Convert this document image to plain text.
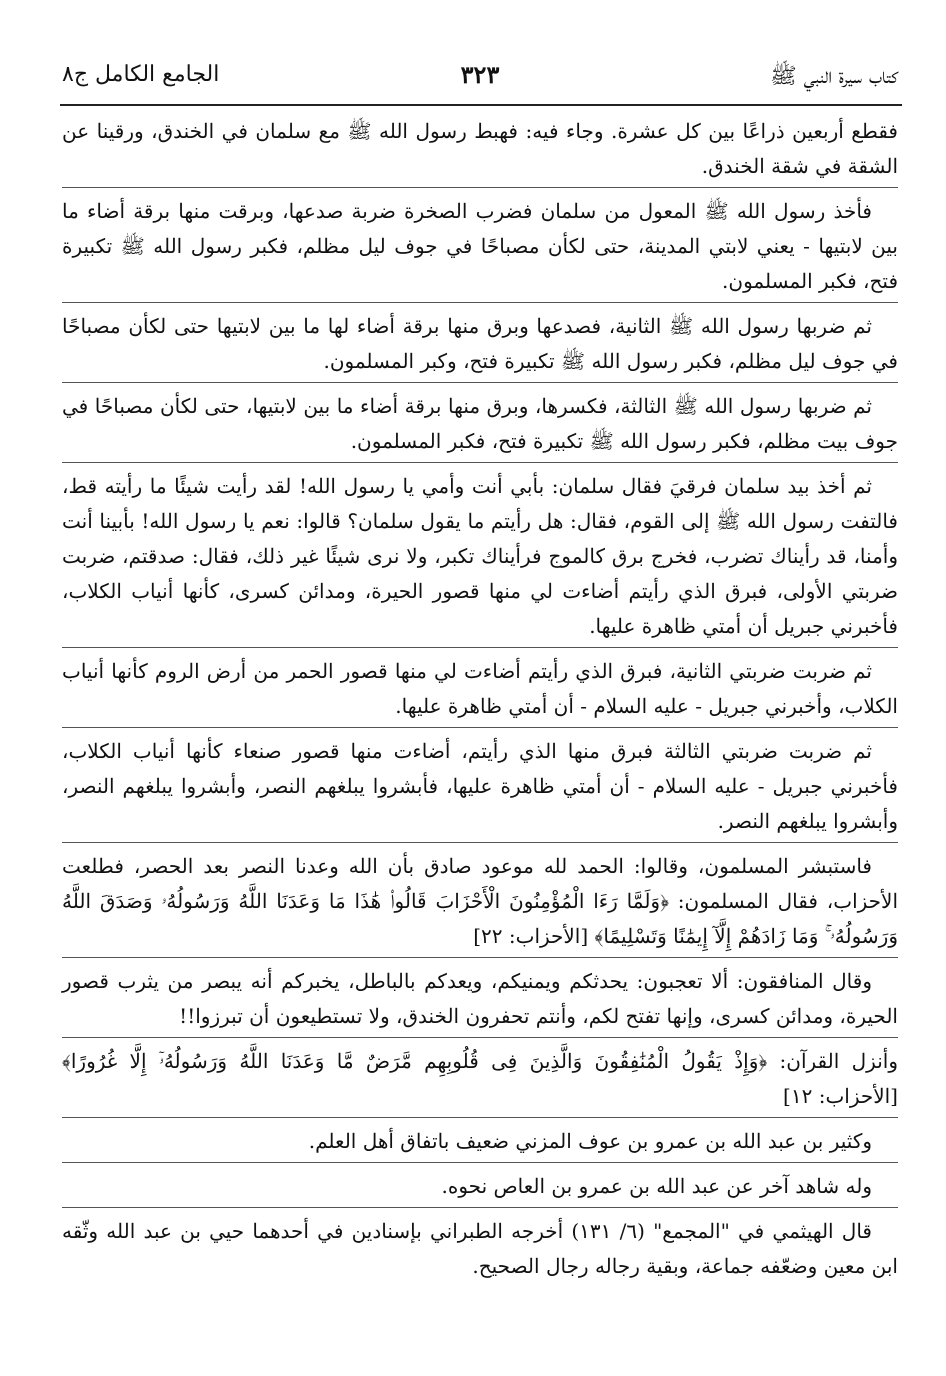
كتاب سيرة النبي ﷺ
٣٢٣
الجامع الكامل ج٨

فقطع أربعين ذراعًا بين كل عشرة. وجاء فيه: فهبط رسول الله ﷺ مع سلمان في الخندق، ورقينا عن الشقة في شقة الخندق.

فأخذ رسول الله ﷺ المعول من سلمان فضرب الصخرة ضربة صدعها، وبرقت منها برقة أضاء ما بين لابتيها - يعني لابتي المدينة، حتى لكأن مصباحًا في جوف ليل مظلم، فكبر رسول الله ﷺ تكبيرة فتح، فكبر المسلمون.

ثم ضربها رسول الله ﷺ الثانية، فصدعها وبرق منها برقة أضاء لها ما بين لابتيها حتى لكأن مصباحًا في جوف ليل مظلم، فكبر رسول الله ﷺ تكبيرة فتح، وكبر المسلمون.

ثم ضربها رسول الله ﷺ الثالثة، فكسرها، وبرق منها برقة أضاء ما بين لابتيها، حتى لكأن مصباحًا في جوف بيت مظلم، فكبر رسول الله ﷺ تكبيرة فتح، فكبر المسلمون.

ثم أخذ بيد سلمان فرقيَ فقال سلمان: بأبي أنت وأمي يا رسول الله! لقد رأيت شيئًا ما رأيته قط، فالتفت رسول الله ﷺ إلى القوم، فقال: هل رأيتم ما يقول سلمان؟ قالوا: نعم يا رسول الله! بأبينا أنت وأمنا، قد رأيناك تضرب، فخرج برق كالموج فرأيناك تكبر، ولا نرى شيئًا غير ذلك، فقال: صدقتم، ضربت ضربتي الأولى، فبرق الذي رأيتم أضاءت لي منها قصور الحيرة، ومدائن كسرى، كأنها أنياب الكلاب، فأخبرني جبريل أن أمتي ظاهرة عليها.

ثم ضربت ضربتي الثانية، فبرق الذي رأيتم أضاءت لي منها قصور الحمر من أرض الروم كأنها أنياب الكلاب، وأخبرني جبريل - عليه السلام - أن أمتي ظاهرة عليها.

ثم ضربت ضربتي الثالثة فبرق منها الذي رأيتم، أضاءت منها قصور صنعاء كأنها أنياب الكلاب، فأخبرني جبريل - عليه السلام - أن أمتي ظاهرة عليها، فأبشروا يبلغهم النصر، وأبشروا يبلغهم النصر، وأبشروا يبلغهم النصر.

فاستبشر المسلمون، وقالوا: الحمد لله موعود صادق بأن الله وعدنا النصر بعد الحصر، فطلعت الأحزاب، فقال المسلمون: ﴿وَلَمَّا رَءَا الْمُؤْمِنُونَ الْأَحْزَابَ قَالُوا۟ هَٰذَا مَا وَعَدَنَا اللَّهُ وَرَسُولُهُۥ وَصَدَقَ اللَّهُ وَرَسُولُهُۥ ۚ وَمَا زَادَهُمْ إِلَّآ إِيمَٰنًا وَتَسْلِيمًا﴾ [الأحزاب: ٢٢]

وقال المنافقون: ألا تعجبون: يحدثكم ويمنيكم، ويعدكم بالباطل، يخبركم أنه يبصر من يثرب قصور الحيرة، ومدائن كسرى، وإنها تفتح لكم، وأنتم تحفرون الخندق، ولا تستطيعون أن تبرزوا!!

وأنزل القرآن: ﴿وَإِذْ يَقُولُ الْمُنَٰفِقُونَ وَالَّذِينَ فِى قُلُوبِهِم مَّرَضٌ مَّا وَعَدَنَا اللَّهُ وَرَسُولُهُۥٓ إِلَّا غُرُورًا﴾ [الأحزاب: ١٢]

وكثير بن عبد الله بن عمرو بن عوف المزني ضعيف باتفاق أهل العلم.

وله شاهد آخر عن عبد الله بن عمرو بن العاص نحوه.

قال الهيثمي في "المجمع" (٦/ ١٣١) أخرجه الطبراني بإسنادين في أحدهما حيي بن عبد الله وثّقه ابن معين وضعّفه جماعة، وبقية رجاله رجال الصحيح.
